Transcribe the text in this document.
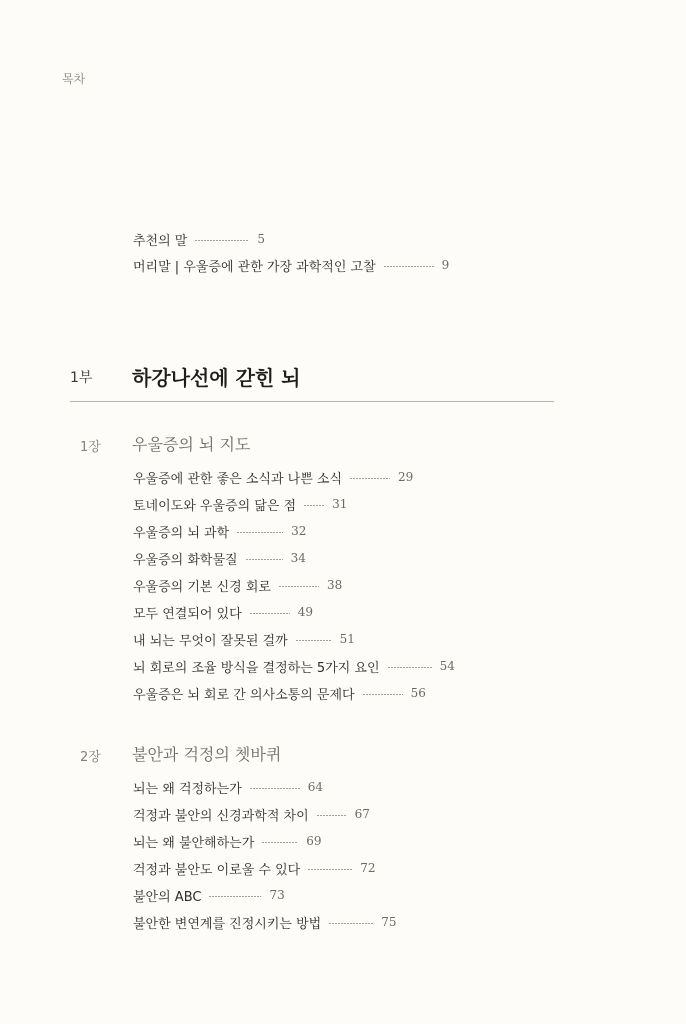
목차
추천의 말	5
머리말 | 우울증에 관한 가장 과학적인 고찰	9
1부 하강나선에 갇힌 뇌
1장 우울증의 뇌 지도
우울증에 관한 좋은 소식과 나쁜 소식	29
토네이도와 우울증의 닮은 점	31
우울증의 뇌 과학	32
우울증의 화학물질	34
우울증의 기본 신경 회로	38
모두 연결되어 있다	49
내 뇌는 무엇이 잘못된 걸까	51
뇌 회로의 조율 방식을 결정하는 5가지 요인	54
우울증은 뇌 회로 간 의사소통의 문제다	56
2장 불안과 걱정의 쳇바퀴
뇌는 왜 걱정하는가	64
걱정과 불안의 신경과학적 차이	67
뇌는 왜 불안해하는가	69
걱정과 불안도 이로울 수 있다	72
불안의 ABC	73
불안한 변연계를 진정시키는 방법	75
